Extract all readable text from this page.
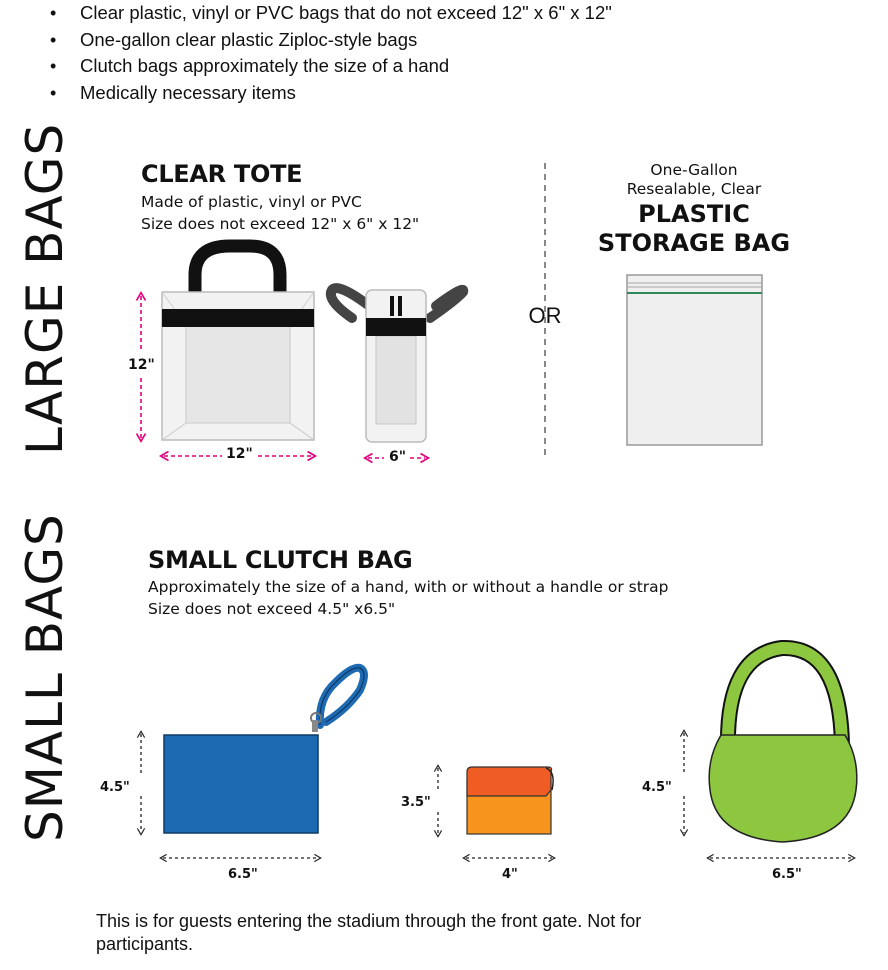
• Clear plastic, vinyl or PVC bags that do not exceed 12" x 6" x 12"
• One-gallon clear plastic Ziploc-style bags
• Clutch bags approximately the size of a hand
• Medically necessary items
LARGE BAGS
SMALL BAGS
CLEAR TOTE
Made of plastic, vinyl or PVC
Size does not exceed 12" x 6" x 12"
One-Gallon
Resealable, Clear
PLASTIC
STORAGE BAG
OR
12"
12"	6"
SMALL CLUTCH BAG
Approximately the size of a hand, with or without a handle or strap
Size does not exceed 4.5" x6.5"
4.5"
6.5"
3.5"
4"
4.5"
6.5"
This is for guests entering the stadium through the front gate. Not for participants.
